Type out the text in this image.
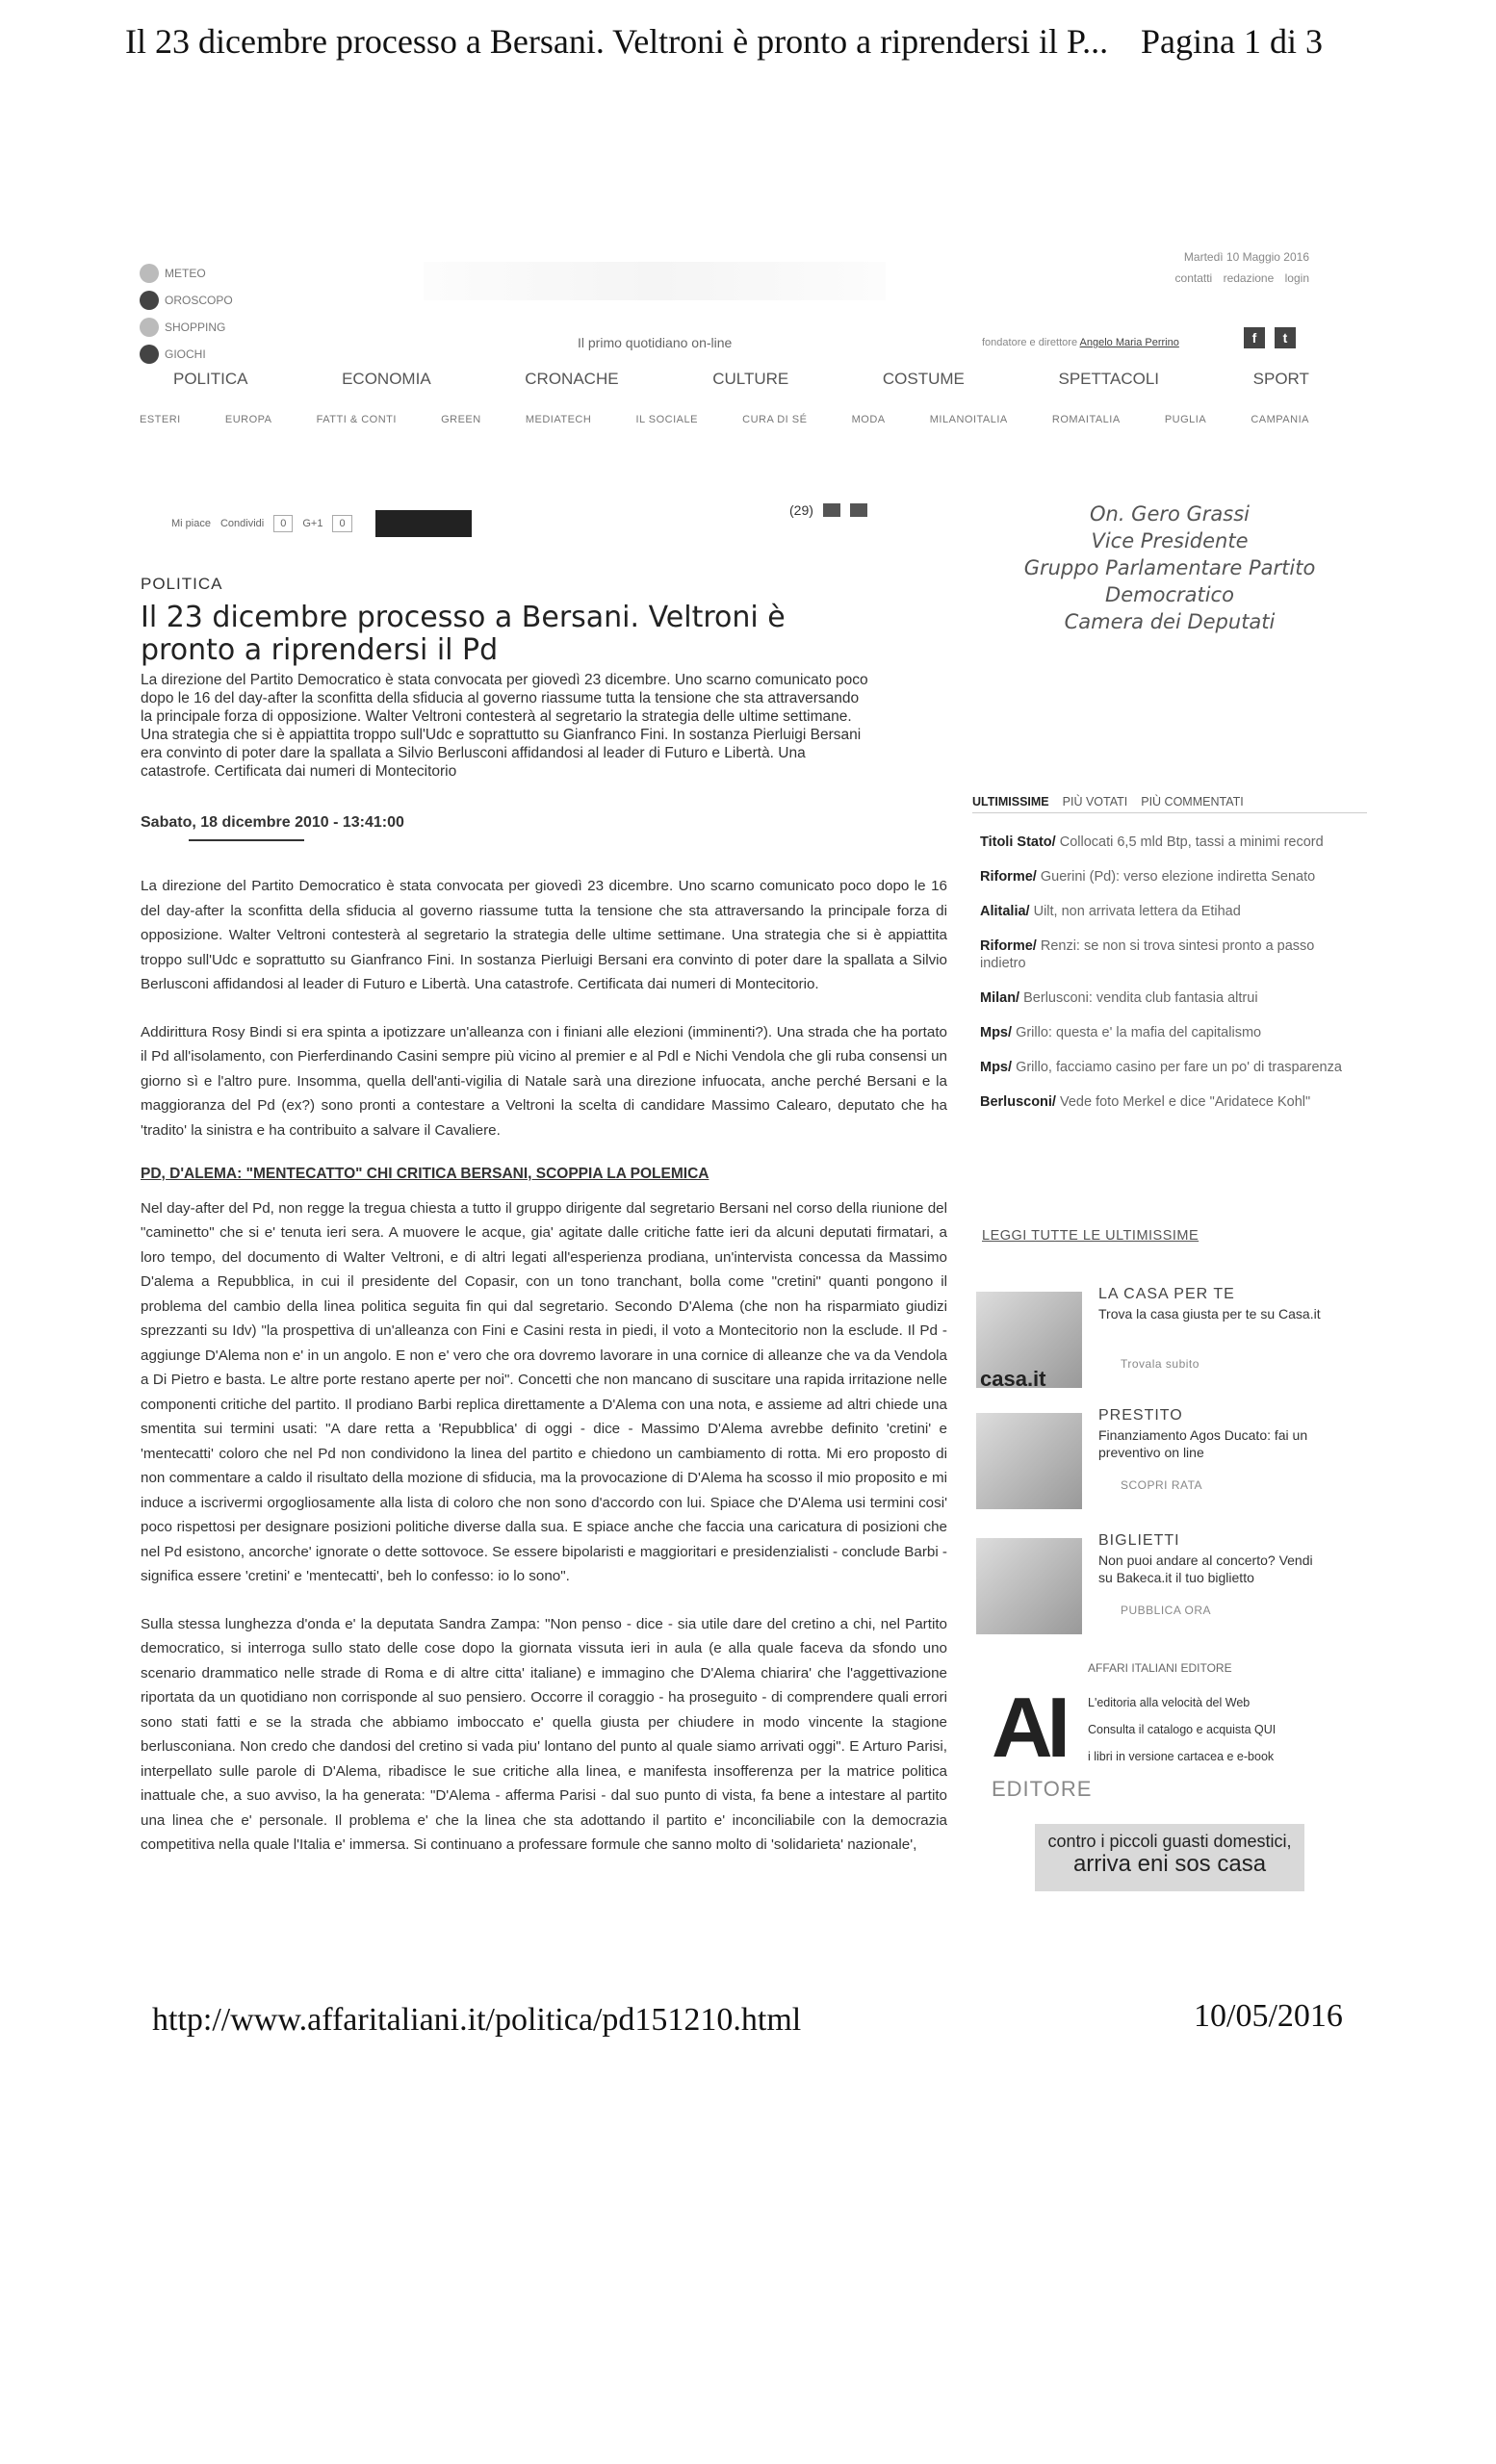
Il 23 dicembre processo a Bersani. Veltroni è pronto a riprendersi il P... Pagina 1 di 3
METEO
OROSCOPO
SHOPPING
GIOCHI
Il primo quotidiano on-line
Martedì 10 Maggio 2016
contatti redazione login
fondatore e direttore Angelo Maria Perrino	f	t
POLITICA	ECONOMIA	CRONACHE	CULTURE	COSTUME	SPETTACOLI	SPORT
ESTERI	EUROPA	FATTI & CONTI	GREEN	MEDIATECH	IL SOCIALE	CURA DI SÉ	MODA	MILANOITALIA	ROMAITALIA	PUGLIA	CAMPANIA
Mi piace Condividi	0	G+1	0
(29)
POLITICA
Il 23 dicembre processo a Bersani. Veltroni è pronto a riprendersi il Pd
La direzione del Partito Democratico è stata convocata per giovedì 23 dicembre. Uno scarno comunicato poco dopo le 16 del day-after la sconfitta della sfiducia al governo riassume tutta la tensione che sta attraversando la principale forza di opposizione. Walter Veltroni contesterà al segretario la strategia delle ultime settimane. Una strategia che si è appiattita troppo sull'Udc e soprattutto su Gianfranco Fini. In sostanza Pierluigi Bersani era convinto di poter dare la spallata a Silvio Berlusconi affidandosi al leader di Futuro e Libertà. Una catastrofe. Certificata dai numeri di Montecitorio
Sabato, 18 dicembre 2010 - 13:41:00

La direzione del Partito Democratico è stata convocata per giovedì 23 dicembre. Uno scarno comunicato poco dopo le 16 del day-after la sconfitta della sfiducia al governo riassume tutta la tensione che sta attraversando la principale forza di opposizione. Walter Veltroni contesterà al segretario la strategia delle ultime settimane. Una strategia che si è appiattita troppo sull'Udc e soprattutto su Gianfranco Fini. In sostanza Pierluigi Bersani era convinto di poter dare la spallata a Silvio Berlusconi affidandosi al leader di Futuro e Libertà. Una catastrofe. Certificata dai numeri di Montecitorio.

Addirittura Rosy Bindi si era spinta a ipotizzare un'alleanza con i finiani alle elezioni (imminenti?). Una strada che ha portato il Pd all'isolamento, con Pierferdinando Casini sempre più vicino al premier e al Pdl e Nichi Vendola che gli ruba consensi un giorno sì e l'altro pure. Insomma, quella dell'anti-vigilia di Natale sarà una direzione infuocata, anche perché Bersani e la maggioranza del Pd (ex?) sono pronti a contestare a Veltroni la scelta di candidare Massimo Calearo, deputato che ha 'tradito' la sinistra e ha contribuito a salvare il Cavaliere.

PD, D'ALEMA: "MENTECATTO" CHI CRITICA BERSANI, SCOPPIA LA POLEMICA

Nel day-after del Pd, non regge la tregua chiesta a tutto il gruppo dirigente dal segretario Bersani nel corso della riunione del "caminetto" che si e' tenuta ieri sera. A muovere le acque, gia' agitate dalle critiche fatte ieri da alcuni deputati firmatari, a loro tempo, del documento di Walter Veltroni, e di altri legati all'esperienza prodiana, un'intervista concessa da Massimo D'alema a Repubblica, in cui il presidente del Copasir, con un tono tranchant, bolla come "cretini" quanti pongono il problema del cambio della linea politica seguita fin qui dal segretario. Secondo D'Alema (che non ha risparmiato giudizi sprezzanti su Idv) "la prospettiva di un'alleanza con Fini e Casini resta in piedi, il voto a Montecitorio non la esclude. Il Pd - aggiunge D'Alema non e' in un angolo. E non e' vero che ora dovremo lavorare in una cornice di alleanze che va da Vendola a Di Pietro e basta. Le altre porte restano aperte per noi". Concetti che non mancano di suscitare una rapida irritazione nelle componenti critiche del partito. Il prodiano Barbi replica direttamente a D'Alema con una nota, e assieme ad altri chiede una smentita sui termini usati: "A dare retta a 'Repubblica' di oggi - dice - Massimo D'Alema avrebbe definito 'cretini' e 'mentecatti' coloro che nel Pd non condividono la linea del partito e chiedono un cambiamento di rotta. Mi ero proposto di non commentare a caldo il risultato della mozione di sfiducia, ma la provocazione di D'Alema ha scosso il mio proposito e mi induce a iscrivermi orgogliosamente alla lista di coloro che non sono d'accordo con lui. Spiace che D'Alema usi termini cosi' poco rispettosi per designare posizioni politiche diverse dalla sua. E spiace anche che faccia una caricatura di posizioni che nel Pd esistono, ancorche' ignorate o dette sottovoce. Se essere bipolaristi e maggioritari e presidenzialisti - conclude Barbi - significa essere 'cretini' e 'mentecatti', beh lo confesso: io lo sono".

Sulla stessa lunghezza d'onda e' la deputata Sandra Zampa: "Non penso - dice - sia utile dare del cretino a chi, nel Partito democratico, si interroga sullo stato delle cose dopo la giornata vissuta ieri in aula (e alla quale faceva da sfondo uno scenario drammatico nelle strade di Roma e di altre citta' italiane) e immagino che D'Alema chiarira' che l'aggettivazione riportata da un quotidiano non corrisponde al suo pensiero. Occorre il coraggio - ha proseguito - di comprendere quali errori sono stati fatti e se la strada che abbiamo imboccato e' quella giusta per chiudere in modo vincente la stagione berlusconiana. Non credo che dandosi del cretino si vada piu' lontano del punto al quale siamo arrivati oggi". E Arturo Parisi, interpellato sulle parole di D'Alema, ribadisce le sue critiche alla linea, e manifesta insofferenza per la matrice politica inattuale che, a suo avviso, la ha generata: "D'Alema - afferma Parisi - dal suo punto di vista, fa bene a intestare al partito una linea che e' personale. Il problema e' che la linea che sta adottando il partito e' inconciliabile con la democrazia competitiva nella quale l'Italia e' immersa. Si continuano a professare formule che sanno molto di 'solidarieta' nazionale',

On. Gero Grassi
Vice Presidente
Gruppo Parlamentare Partito Democratico
Camera dei Deputati
ULTIMISSIME PIÙ VOTATI PIÙ COMMENTATI
Titoli Stato/ Collocati 6,5 mld Btp, tassi a minimi record
Riforme/ Guerini (Pd): verso elezione indiretta Senato
Alitalia/ Uilt, non arrivata lettera da Etihad
Riforme/ Renzi: se non si trova sintesi pronto a passo indietro
Milan/ Berlusconi: vendita club fantasia altrui
Mps/ Grillo: questa e' la mafia del capitalismo
Mps/ Grillo, facciamo casino per fare un po' di trasparenza
Berlusconi/ Vede foto Merkel e dice "Aridatece Kohl"
LEGGI TUTTE LE ULTIMISSIME
casa.it
LA CASA PER TE
Trova la casa giusta per te su Casa.it
Trovala subito
PRESTITO
Finanziamento Agos Ducato: fai un preventivo on line
SCOPRI RATA
BIGLIETTI
Non puoi andare al concerto? Vendi su Bakeca.it il tuo biglietto
PUBBLICA ORA
AI
EDITORE
AFFARI ITALIANI EDITORE
L'editoria alla velocità del Web
Consulta il catalogo e acquista QUI
i libri in versione cartacea e e-book
contro i piccoli guasti domestici,
arriva eni sos casa
http://www.affaritaliani.it/politica/pd151210.html	10/05/2016
